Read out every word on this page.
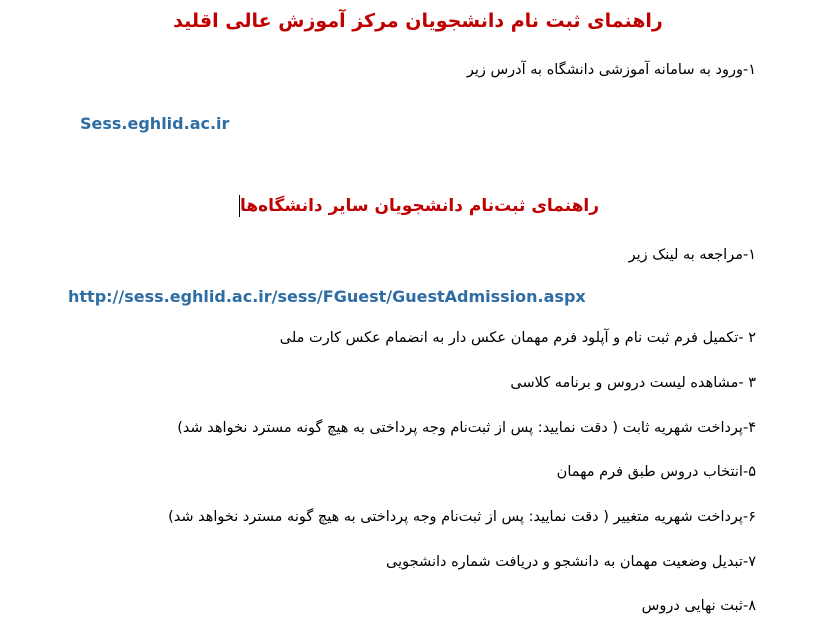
راهنمای ثبت نام دانشجویان مرکز آموزش عالی اقلید
۱-ورود به سامانه آموزشی دانشگاه به آدرس زیر
Sess.eghlid.ac.ir
راهنمای ثبت‌نام دانشجویان سایر دانشگاه‌ها
۱-مراجعه به لینک زیر
http://sess.eghlid.ac.ir/sess/FGuest/GuestAdmission.aspx
۲ -تکمیل فرم ثبت نام و آپلود فرم مهمان عکس دار به انضمام عکس کارت ملی
۳ -مشاهده لیست دروس و برنامه کلاسی
۴-پرداخت شهریه ثابت ( دقت نمایید: پس از ثبت‌نام وجه پرداختی به هیچ گونه مسترد نخواهد شد)
۵-انتخاب دروس طبق فرم مهمان
۶-پرداخت شهریه متغییر ( دقت نمایید: پس از ثبت‌نام وجه پرداختی به هیچ گونه مسترد نخواهد شد)
۷-تبدیل وضعیت مهمان به دانشجو و دریافت شماره دانشجویی
۸-ثبت نهایی دروس
